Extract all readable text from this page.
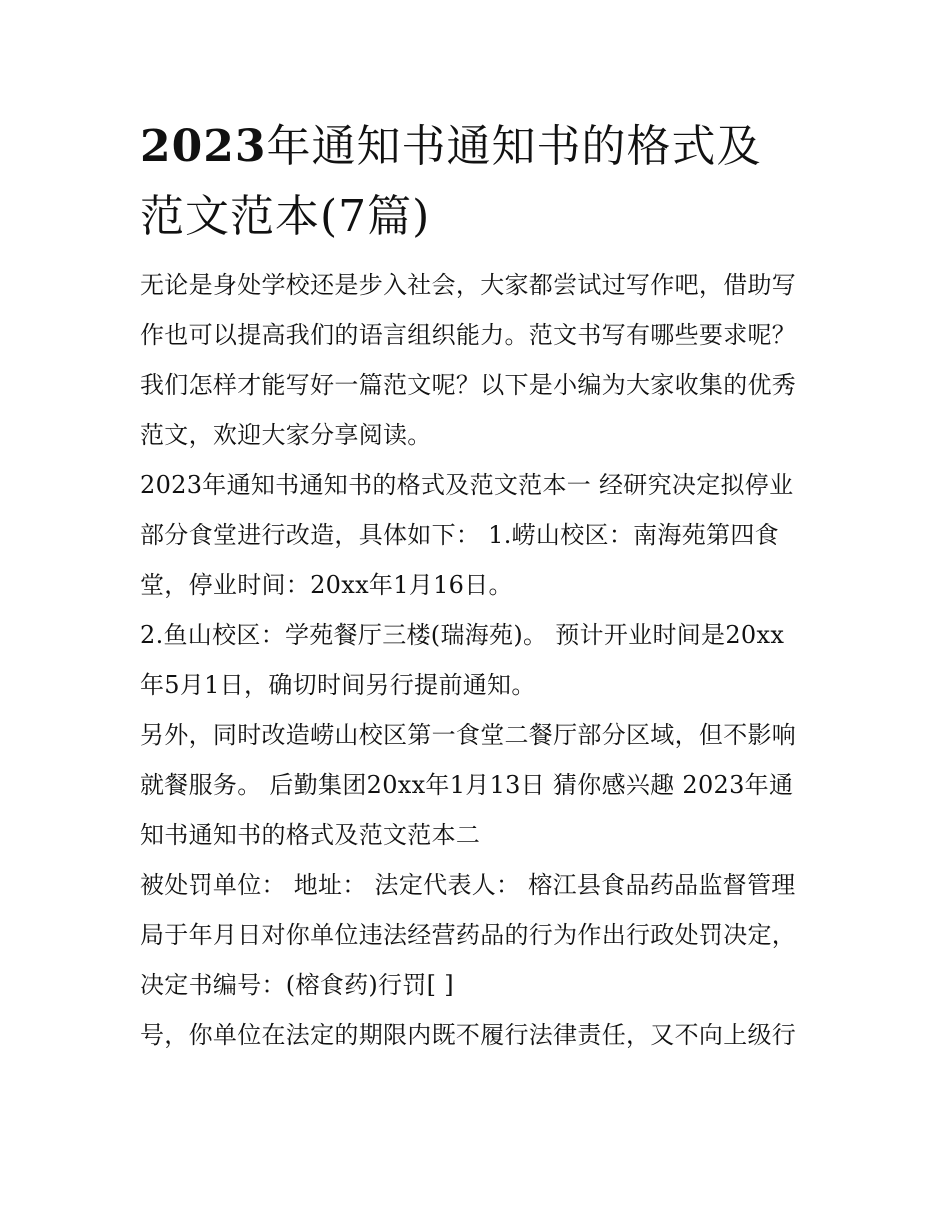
2023年通知书通知书的格式及
范文范本(7篇)

无论是身处学校还是步入社会，大家都尝试过写作吧，借助写
作也可以提高我们的语言组织能力。范文书写有哪些要求呢？
我们怎样才能写好一篇范文呢？以下是小编为大家收集的优秀
范文，欢迎大家分享阅读。

2023年通知书通知书的格式及范文范本一 经研究决定拟停业
部分食堂进行改造，具体如下： 1.崂山校区：南海苑第四食
堂，停业时间：20xx年1月16日。

2.鱼山校区：学苑餐厅三楼(瑞海苑)。 预计开业时间是20xx
年5月1日，确切时间另行提前通知。

另外，同时改造崂山校区第一食堂二餐厅部分区域，但不影响
就餐服务。 后勤集团20xx年1月13日 猜你感兴趣 2023年通
知书通知书的格式及范文范本二

被处罚单位： 地址： 法定代表人： 榕江县食品药品监督管理
局于年月日对你单位违法经营药品的行为作出行政处罚决定，
决定书编号：(榕食药)行罚[ ]

号，你单位在法定的期限内既不履行法律责任，又不向上级行
